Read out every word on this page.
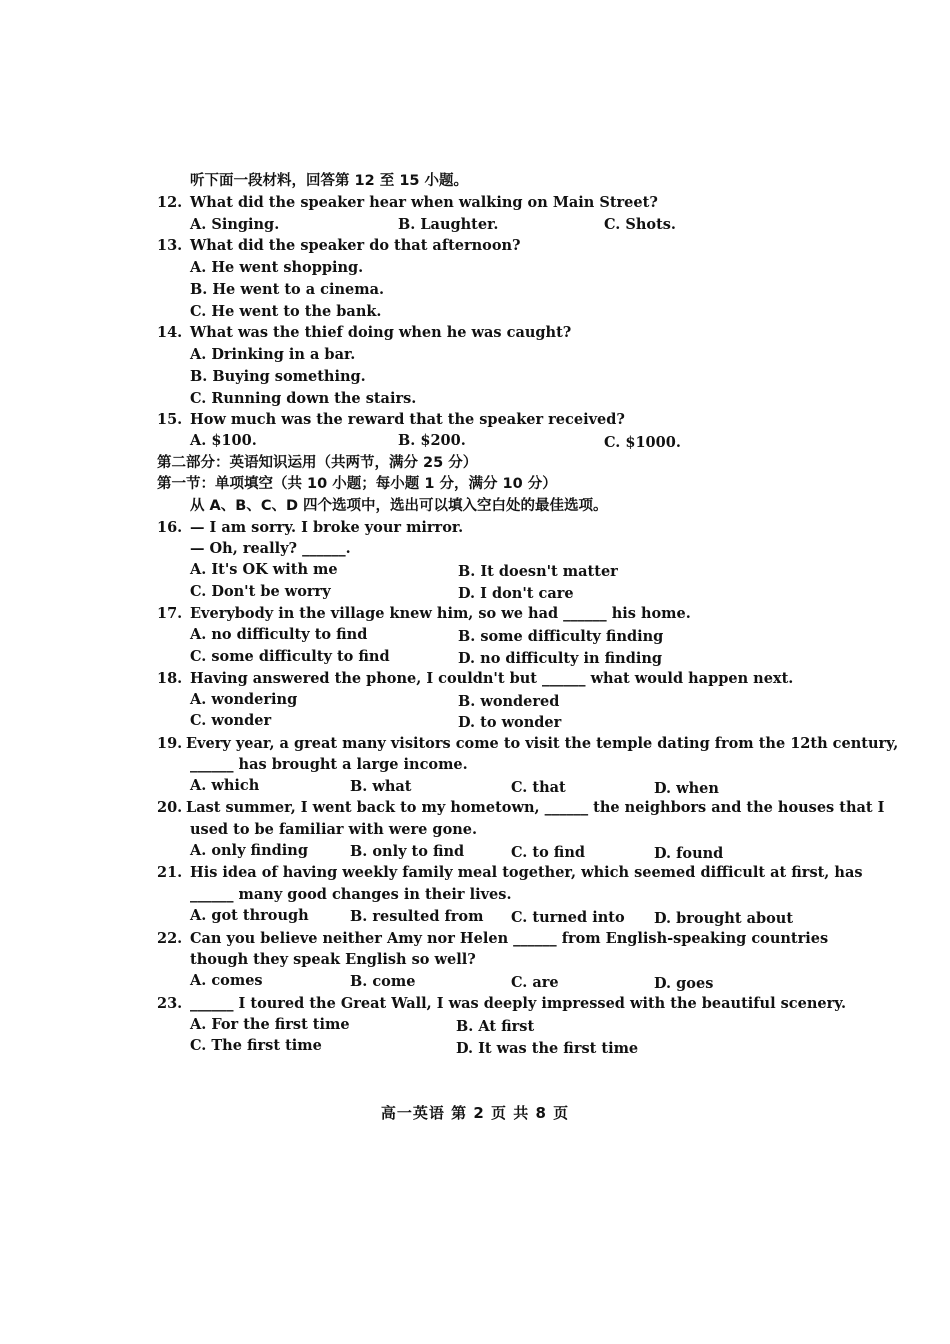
听下面一段材料，回答第 12 至 15 小题。
12. What did the speaker hear when walking on Main Street?
A. Singing.	B. Laughter.	C. Shots.
13. What did the speaker do that afternoon?
A. He went shopping.
B. He went to a cinema.
C. He went to the bank.
14. What was the thief doing when he was caught?
A. Drinking in a bar.
B. Buying something.
C. Running down the stairs.
15. How much was the reward that the speaker received?
A. $100.	B. $200.	C. $1000.
第二部分：英语知识运用（共两节，满分 25 分）
第一节：单项填空（共 10 小题；每小题 1 分，满分 10 分）
从 A、B、C、D 四个选项中，选出可以填入空白处的最佳选项。
16. — I am sorry. I broke your mirror.
— Oh, really? ______.
A. It's OK with me	B. It doesn't matter
C. Don't be worry	D. I don't care
17. Everybody in the village knew him, so we had ______ his home.
A. no difficulty to find	B. some difficulty finding
C. some difficulty to find	D. no difficulty in finding
18. Having answered the phone, I couldn't but ______ what would happen next.
A. wondering	B. wondered
C. wonder	D. to wonder
19. Every year, a great many visitors come to visit the temple dating from the 12th century,
______ has brought a large income.
A. which	B. what	C. that	D. when
20. Last summer, I went back to my hometown, ______ the neighbors and the houses that I
used to be familiar with were gone.
A. only finding	B. only to find	C. to find	D. found
21. His idea of having weekly family meal together, which seemed difficult at first, has
______ many good changes in their lives.
A. got through	B. resulted from C. turned into D. brought about
22. Can you believe neither Amy nor Helen ______ from English-speaking countries
though they speak English so well?
A. comes	B. come	C. are	D. goes
23. ______ I toured the Great Wall, I was deeply impressed with the beautiful scenery.
A. For the first time	B. At first
C. The first time	D. It was the first time
高一英语 第 2 页 共 8 页
